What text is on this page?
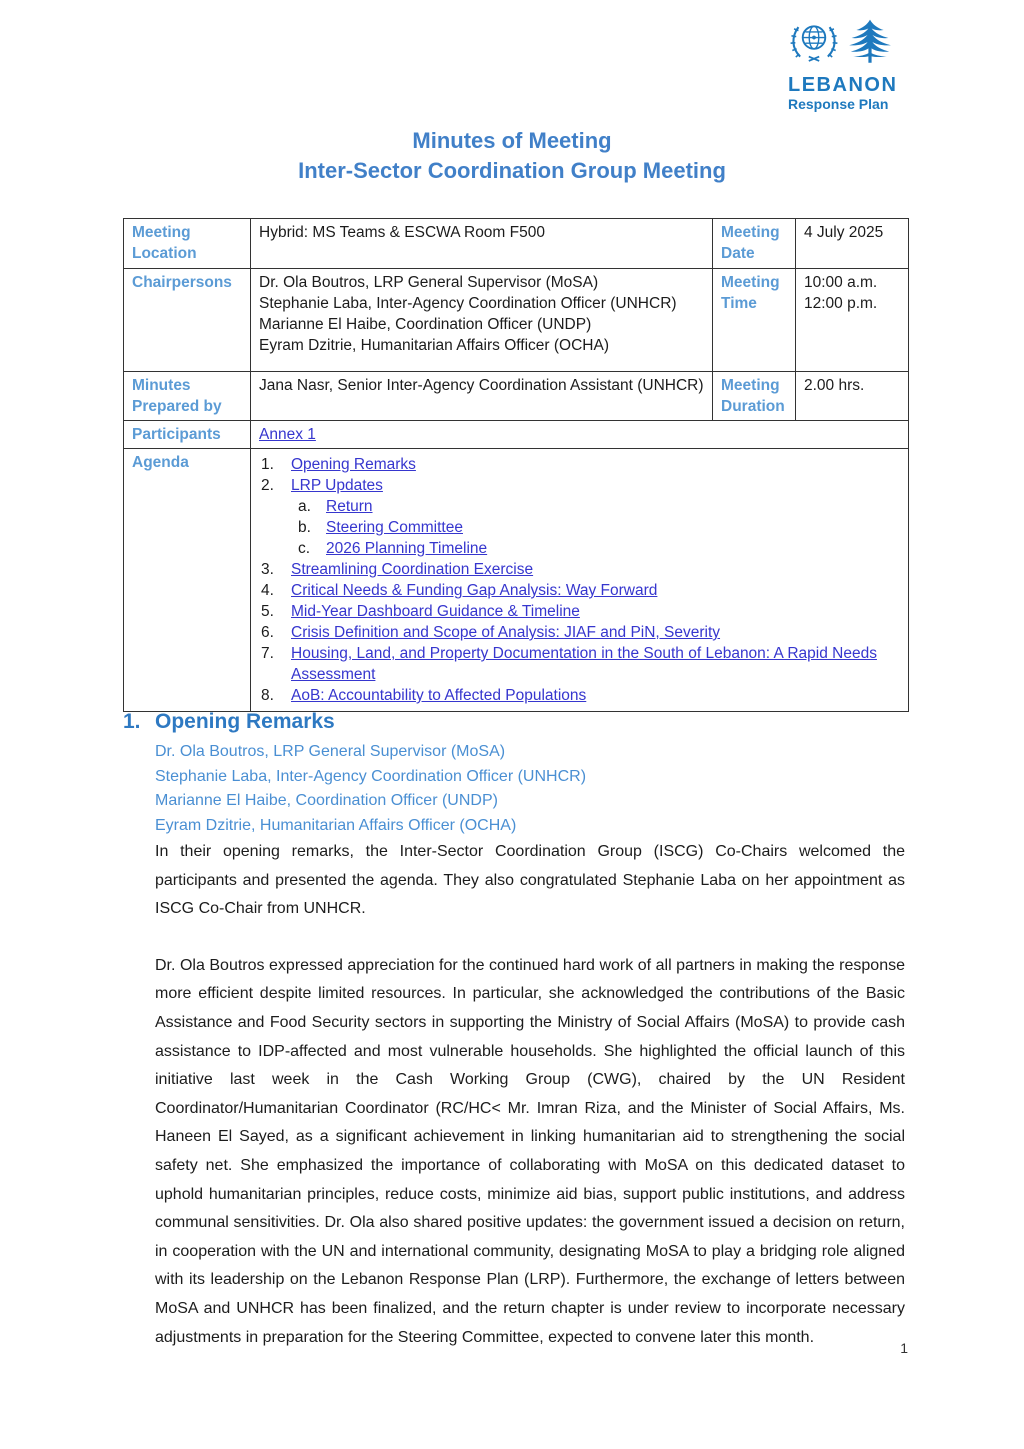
LEBANON
Response Plan
Minutes of Meeting
Inter-Sector Coordination Group Meeting
Meeting Location	Hybrid: MS Teams & ESCWA Room F500	Meeting Date	4 July 2025
Chairpersons	Dr. Ola Boutros, LRP General Supervisor (MoSA)
Stephanie Laba, Inter-Agency Coordination Officer (UNHCR)
Marianne El Haibe, Coordination Officer (UNDP)
Eyram Dzitrie, Humanitarian Affairs Officer (OCHA)	Meeting Time	10:00 a.m.
12:00 p.m.

Minutes Prepared by	Jana Nasr, Senior Inter-Agency Coordination Assistant (UNHCR)	Meeting Duration	2.00 hrs.
Participants	Annex 1		
Agenda	1.	Opening Remarks
2.	LRP Updates
a. Return
b. Steering Committee
c.	2026 Planning Timeline
3.	Streamlining Coordination Exercise
4.	Critical Needs & Funding Gap Analysis: Way Forward
5.	Mid-Year Dashboard Guidance & Timeline
6.	Crisis Definition and Scope of Analysis: JIAF and PiN, Severity
7.	Housing, Land, and Property Documentation in the South of Lebanon: A Rapid Needs Assessment
8.	AoB: Accountability to Affected Populations
1. Opening Remarks
Dr. Ola Boutros, LRP General Supervisor (MoSA)
Stephanie Laba, Inter-Agency Coordination Officer (UNHCR)
Marianne El Haibe, Coordination Officer (UNDP)
Eyram Dzitrie, Humanitarian Affairs Officer (OCHA)
In their opening remarks, the Inter-Sector Coordination Group (ISCG) Co-Chairs welcomed the participants and presented the agenda. They also congratulated Stephanie Laba on her appointment as ISCG Co-Chair from UNHCR.
Dr. Ola Boutros expressed appreciation for the continued hard work of all partners in making the response more efficient despite limited resources. In particular, she acknowledged the contributions of the Basic Assistance and Food Security sectors in supporting the Ministry of Social Affairs (MoSA) to provide cash assistance to IDP-affected and most vulnerable households. She highlighted the official launch of this initiative last week in the Cash Working Group (CWG), chaired by the UN Resident Coordinator/Humanitarian Coordinator (RC/HC< Mr. Imran Riza, and the Minister of Social Affairs, Ms. Haneen El Sayed, as a significant achievement in linking humanitarian aid to strengthening the social safety net. She emphasized the importance of collaborating with MoSA on this dedicated dataset to uphold humanitarian principles, reduce costs, minimize aid bias, support public institutions, and address communal sensitivities. Dr. Ola also shared positive updates: the government issued a decision on return, in cooperation with the UN and international community, designating MoSA to play a bridging role aligned with its leadership on the Lebanon Response Plan (LRP). Furthermore, the exchange of letters between MoSA and UNHCR has been finalized, and the return chapter is under review to incorporate necessary adjustments in preparation for the Steering Committee, expected to convene later this month.
1
